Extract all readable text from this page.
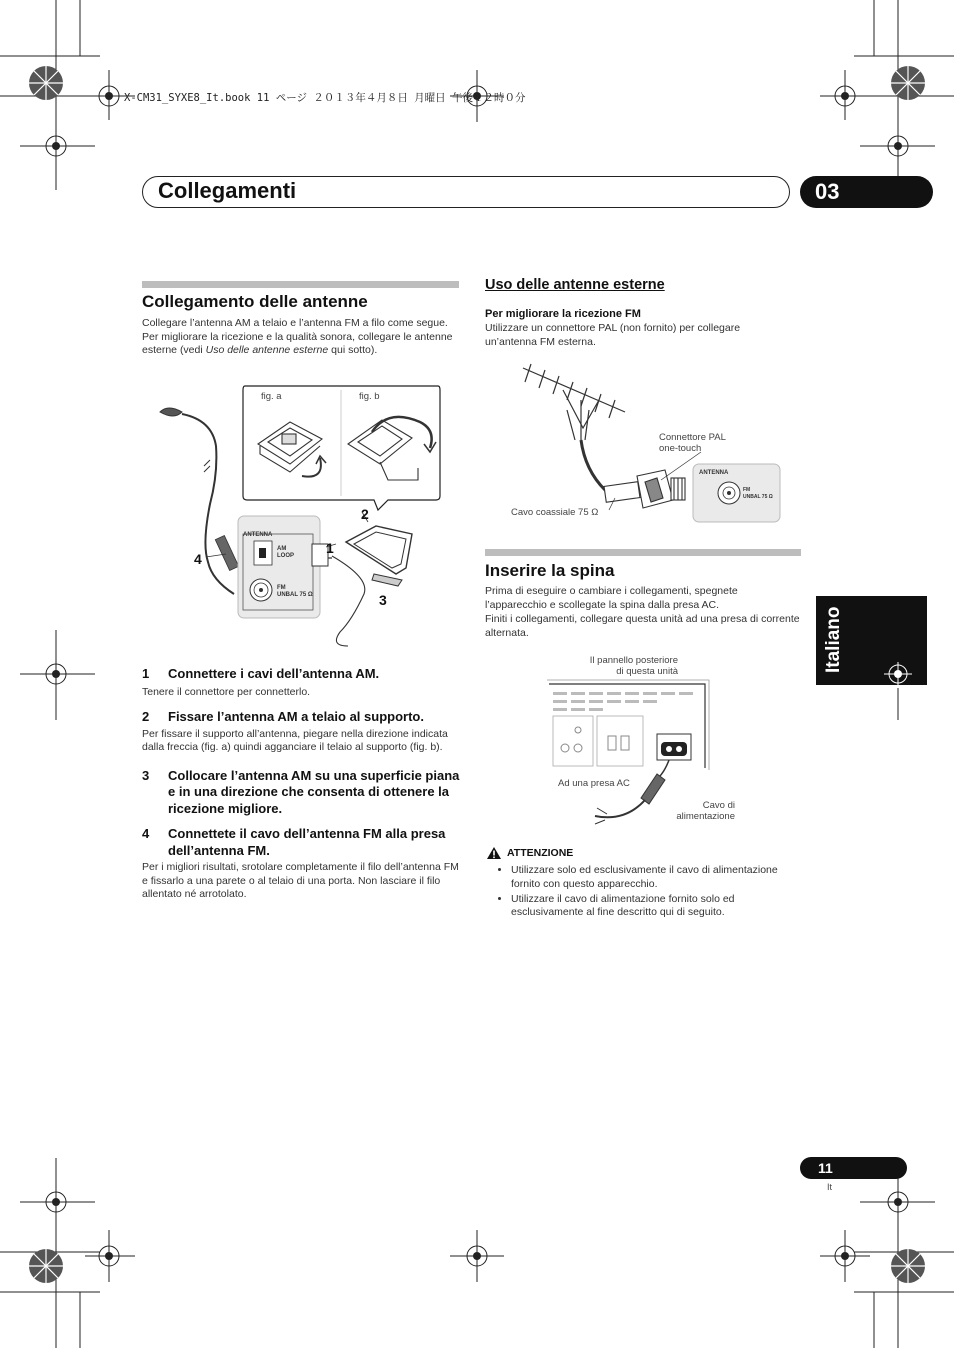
X-CM31_SYXE8_It.book 11 ページ ２０１３年４月８日 月曜日 午後１２時０分
Collegamenti	03
Italiano
Collegamento delle antenne
Collegare l’antenna AM a telaio e l’antenna FM a filo come segue. Per migliorare la ricezione e la qualità sonora, collegare le antenne esterne (vedi Uso delle antenne esterne qui sotto).
fig. a	fig. b
ANTENNA
AM
LOOP
FM
UNBAL 75 Ω
1
2
3
4
1 Connettere i cavi dell’antenna AM.
Tenere il connettore per connetterlo.
2 Fissare l’antenna AM a telaio al supporto.
Per fissare il supporto all’antenna, piegare nella direzione indicata dalla freccia (fig. a) quindi agganciare il telaio al supporto (fig. b).
3	Collocare l’antenna AM su una superficie piana e in una direzione che consenta di ottenere la ricezione migliore.
4	Connettete il cavo dell’antenna FM alla presa dell’antenna FM.
Per i migliori risultati, srotolare completamente il filo dell’antenna FM e fissarlo a una parete o al telaio di una porta. Non lasciare il filo allentato né arrotolato.
Uso delle antenne esterne
Per migliorare la ricezione FM
Utilizzare un connettore PAL (non fornito) per collegare un’antenna FM esterna.
Connettore PAL
one-touch
Cavo coassiale 75 Ω
ANTENNA
FM
UNBAL 75 Ω
Inserire la spina
Prima di eseguire o cambiare i collegamenti, spegnete l’apparecchio e scollegate la spina dalla presa AC.
Finiti i collegamenti, collegare questa unità ad una presa di corrente alternata.
Il pannello posteriore
di questa unità
Ad una presa AC
Cavo di
alimentazione
ATTENZIONE
• Utilizzare solo ed esclusivamente il cavo di alimentazione fornito con questo apparecchio.
• Utilizzare il cavo di alimentazione fornito solo ed esclusivamente al fine descritto qui di seguito.
11
It
